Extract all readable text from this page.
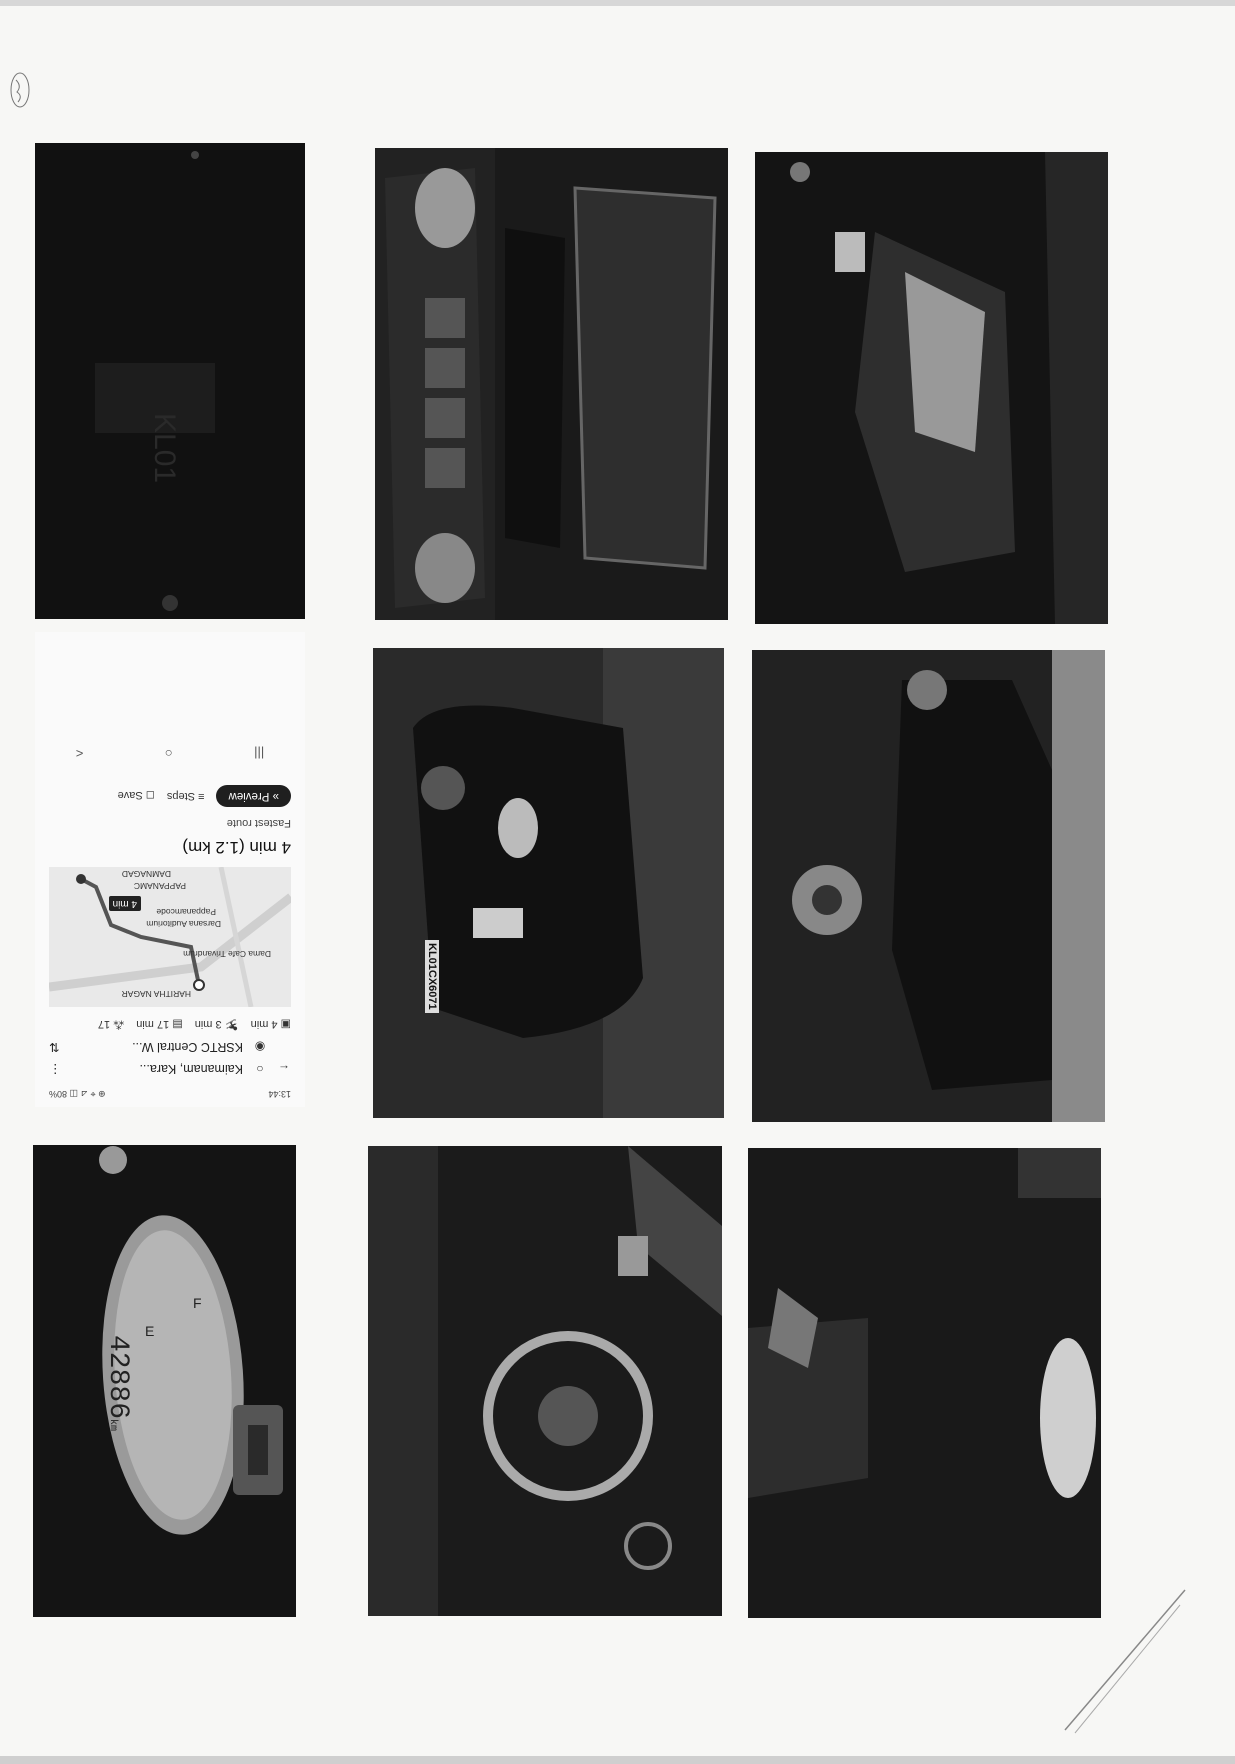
KL01
13:44
⊕ ⌖ ⊿ ◫ 80%
←
○
Kaimanam, Kara...
⋮
◉
KSRTC Central W...
⇅
▣ 4 min
⛷ 3 min
▤ 17 min
⁂ 17
4 min
HARITHA NAGAR
Dama Cafe Trivandrum
Darsana Auditorium
Pappanamcode
PAPPANAMC
DAMNAGAD
4 min (1.2 km)
Fastest route
» Preview
≡ Steps
◻ Save
|||
○
<
42886km
F
E
KL01CX6071
